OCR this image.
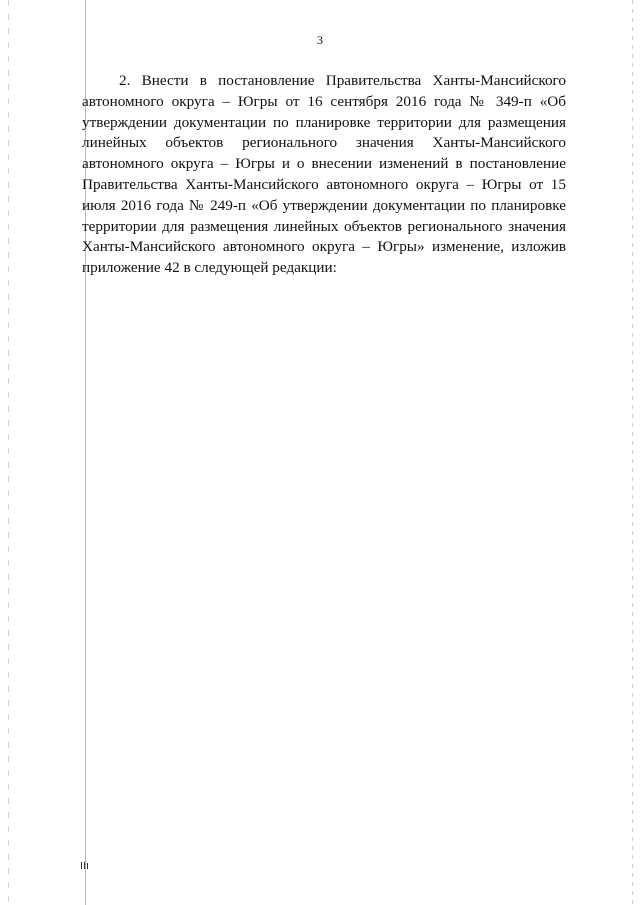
3

2. Внести в постановление Правительства Ханты-Мансийского автономного округа – Югры от 16 сентября 2016 года № 349-п «Об утверждении документации по планировке территории для размещения линейных объектов регионального значения Ханты-Мансийского автономного округа – Югры и о внесении изменений в постановление Правительства Ханты-Мансийского автономного округа – Югры от 15 июля 2016 года № 249-п «Об утверждении документации по планировке территории для размещения линейных объектов регионального значения Ханты-Мансийского автономного округа – Югры» изменение, изложив приложение 42 в следующей редакции:
